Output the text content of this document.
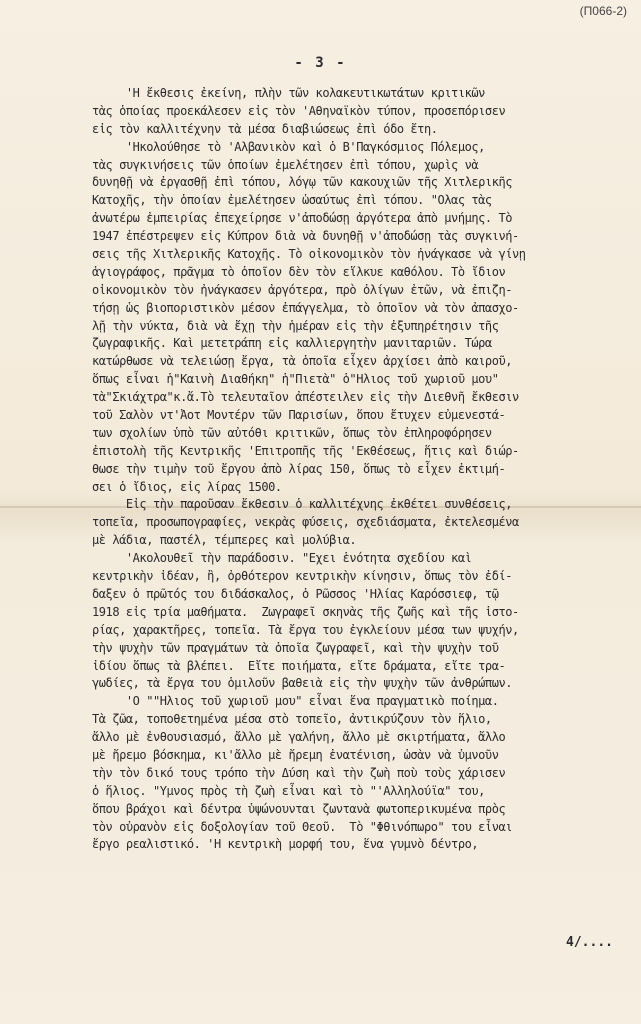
(Π066-2)
- 3 -
'Η ἔκθεσις ἐκείνη, πλὴν τῶν κολακευτικωτάτων κριτικῶν
τὰς ὁποίας προεκάλεσεν εἰς τὸν 'Αθηναϊκὸν τύπον, προσεπόρισεν
εἰς τὸν καλλιτέχνην τὰ μέσα διαβιώσεως ἐπὶ όδο ἔτη.
'Ηκολούθησε τὸ 'Αλβανικὸν καὶ ὁ Β'Παγκόσμιος Πόλεμος,
τὰς συγκινήσεις τῶν ὁποίων ἐμελέτησεν ἐπὶ τόπου, χωρὶς νὰ
δυνηθῇ νὰ ἐργασθῇ ἐπὶ τόπου, λόγῳ τῶν κακουχιῶν τῆς Χιτλερικῆς
Κατοχῆς, τὴν ὁποίαν ἐμελέτησεν ὡσαύτως ἐπὶ τόπου. "Ολας τὰς
ἀνωτέρω ἐμπειρίας ἐπεχείρησε ν'ἀποδώσῃ ἀργότερα ἀπὸ μνήμης. Τὸ
1947 ἐπέστρεψεν εἰς Κύπρον διὰ νὰ δυνηθῇ ν'ἀποδώσῃ τὰς συγκινή-
σεις τῆς Χιτλερικῆς Κατοχῆς. Τὸ οἰκονομικὸν τὸν ἠνάγκασε νὰ γίνῃ
ἁγιογράφος, πρᾶγμα τὸ ὁποῖον δὲν τὸν εἵλκυε καθόλου. Τὸ ἴδιον
οἰκονομικὸν τὸν ἠνάγκασεν ἀργότερα, πρὸ ὀλίγων ἐτῶν, νὰ ἐπιζη-
τήσῃ ὡς βιοποριστικὸν μέσον ἐπάγγελμα, τὸ ὁποῖον νὰ τὸν ἀπασχο-
λῇ τὴν νύκτα, διὰ νὰ ἔχῃ τὴν ἡμέραν εἰς τὴν ἐξυπηρέτησιν τῆς
ζωγραφικῆς. Καὶ μετετράπη εἰς καλλιεργητὴν μανιταριῶν. Τώρα
κατώρθωσε νὰ τελειώσῃ ἔργα, τὰ ὁποῖα εἶχεν ἀρχίσει ἀπὸ καιροῦ,
ὅπως εἶναι ἡ"Καινὴ Διαθήκη" ἡ"Πιετὰ" ὁ"Ηλιος τοῦ χωριοῦ μου"
τὰ"Σκιάχτρα"κ.ἄ.Τὸ τελευταῖον ἀπέστειλεν εἰς τὴν Διεθνῆ ἔκθεσιν
τοῦ Σαλὸν ντ'Ἀοτ Μοντέρν τῶν Παρισίων, ὅπου ἔτυχεν εὐμενεστά-
των σχολίων ὑπὸ τῶν αὐτόθι κριτικῶν, ὅπως τὸν ἐπληροφόρησεν
ἐπιστολὴ τῆς Κεντρικῆς 'Επιτροπῆς τῆς 'Εκθέσεως, ἥτις καὶ διώρ-
θωσε τὴν τιμὴν τοῦ ἔργου ἀπὸ λίρας 150, ὅπως τὸ εἶχεν ἐκτιμή-
σει ὁ ἴδιος, εἰς λίρας 1500.
Εἰς τὴν παροῦσαν ἔκθεσιν ὁ καλλιτέχνης ἐκθέτει συνθέσεις,
τοπεῖα, προσωπογραφίες, νεκρὰς φύσεις, σχεδιάσματα, ἐκτελεσμένα
μὲ λάδια, παστέλ, τέμπερες καὶ μολύβια.
'Ακολουθεῖ τὴν παράδοσιν. "Εχει ἑνότητα σχεδίου καὶ
κεντρικὴν ἰδέαν, ἢ, ὀρθότερον κεντρικὴν κίνησιν, ὅπως τὸν ἐδί-
δαξεν ὁ πρῶτός του διδάσκαλος, ὁ Ρῶσσος 'Ηλίας Καρόσσιεφ, τῷ
1918 εἰς τρία μαθήματα.  Ζωγραφεῖ σκηνὰς τῆς ζωῆς καὶ τῆς ἱστο-
ρίας, χαρακτῆρες, τοπεῖα. Τὰ ἔργα του ἐγκλείουν μέσα των ψυχήν,
τὴν ψυχὴν τῶν πραγμάτων τὰ ὁποῖα ζωγραφεῖ, καὶ τὴν ψυχὴν τοῦ
ἰδίου ὅπως τὰ βλέπει.  Εἴτε ποιήματα, εἴτε δράματα, εἴτε τρα-
γωδίες, τὰ ἔργα του ὁμιλοῦν βαθειὰ εἰς τὴν ψυχὴν τῶν ἀνθρώπων.
'Ο ""Ηλιος τοῦ χωριοῦ μου" εἶναι ἕνα πραγματικὸ ποίημα.
Τὰ ζῶα, τοποθετημένα μέσα στὸ τοπεῖο, ἀντικρύζουν τὸν ἥλιο,
ἄλλο μὲ ἐνθουσιασμό, ἄλλο μὲ γαλήνη, ἄλλο μὲ σκιρτήματα, ἄλλο
μὲ ἤρεμο βόσκημα, κι'ἄλλο μὲ ἤρεμη ἐνατένιση, ὡσὰν νὰ ὑμνοῦν
τὴν τὸν δικό τους τρόπο τὴν Δύση καὶ τὴν ζωὴ ποὺ τοὺς χάρισεν
ὁ ἥλιος. "Υμνος πρὸς τὴ ζωὴ εἶναι καὶ τὸ "'Αλληλούϊα" του,
ὅπου βράχοι καὶ δέντρα ὑψώνουνται ζωντανὰ φωτοπερικυμένα πρὸς
τὸν οὐρανὸν εἰς δοξολογίαν τοῦ Θεοῦ.  Τὸ "Φθινόπωρο" του εἶναι
ἔργο ρεαλιστικό. 'Η κεντρικὴ μορφή του, ἕνα γυμνὸ δέντρο,
4/....
